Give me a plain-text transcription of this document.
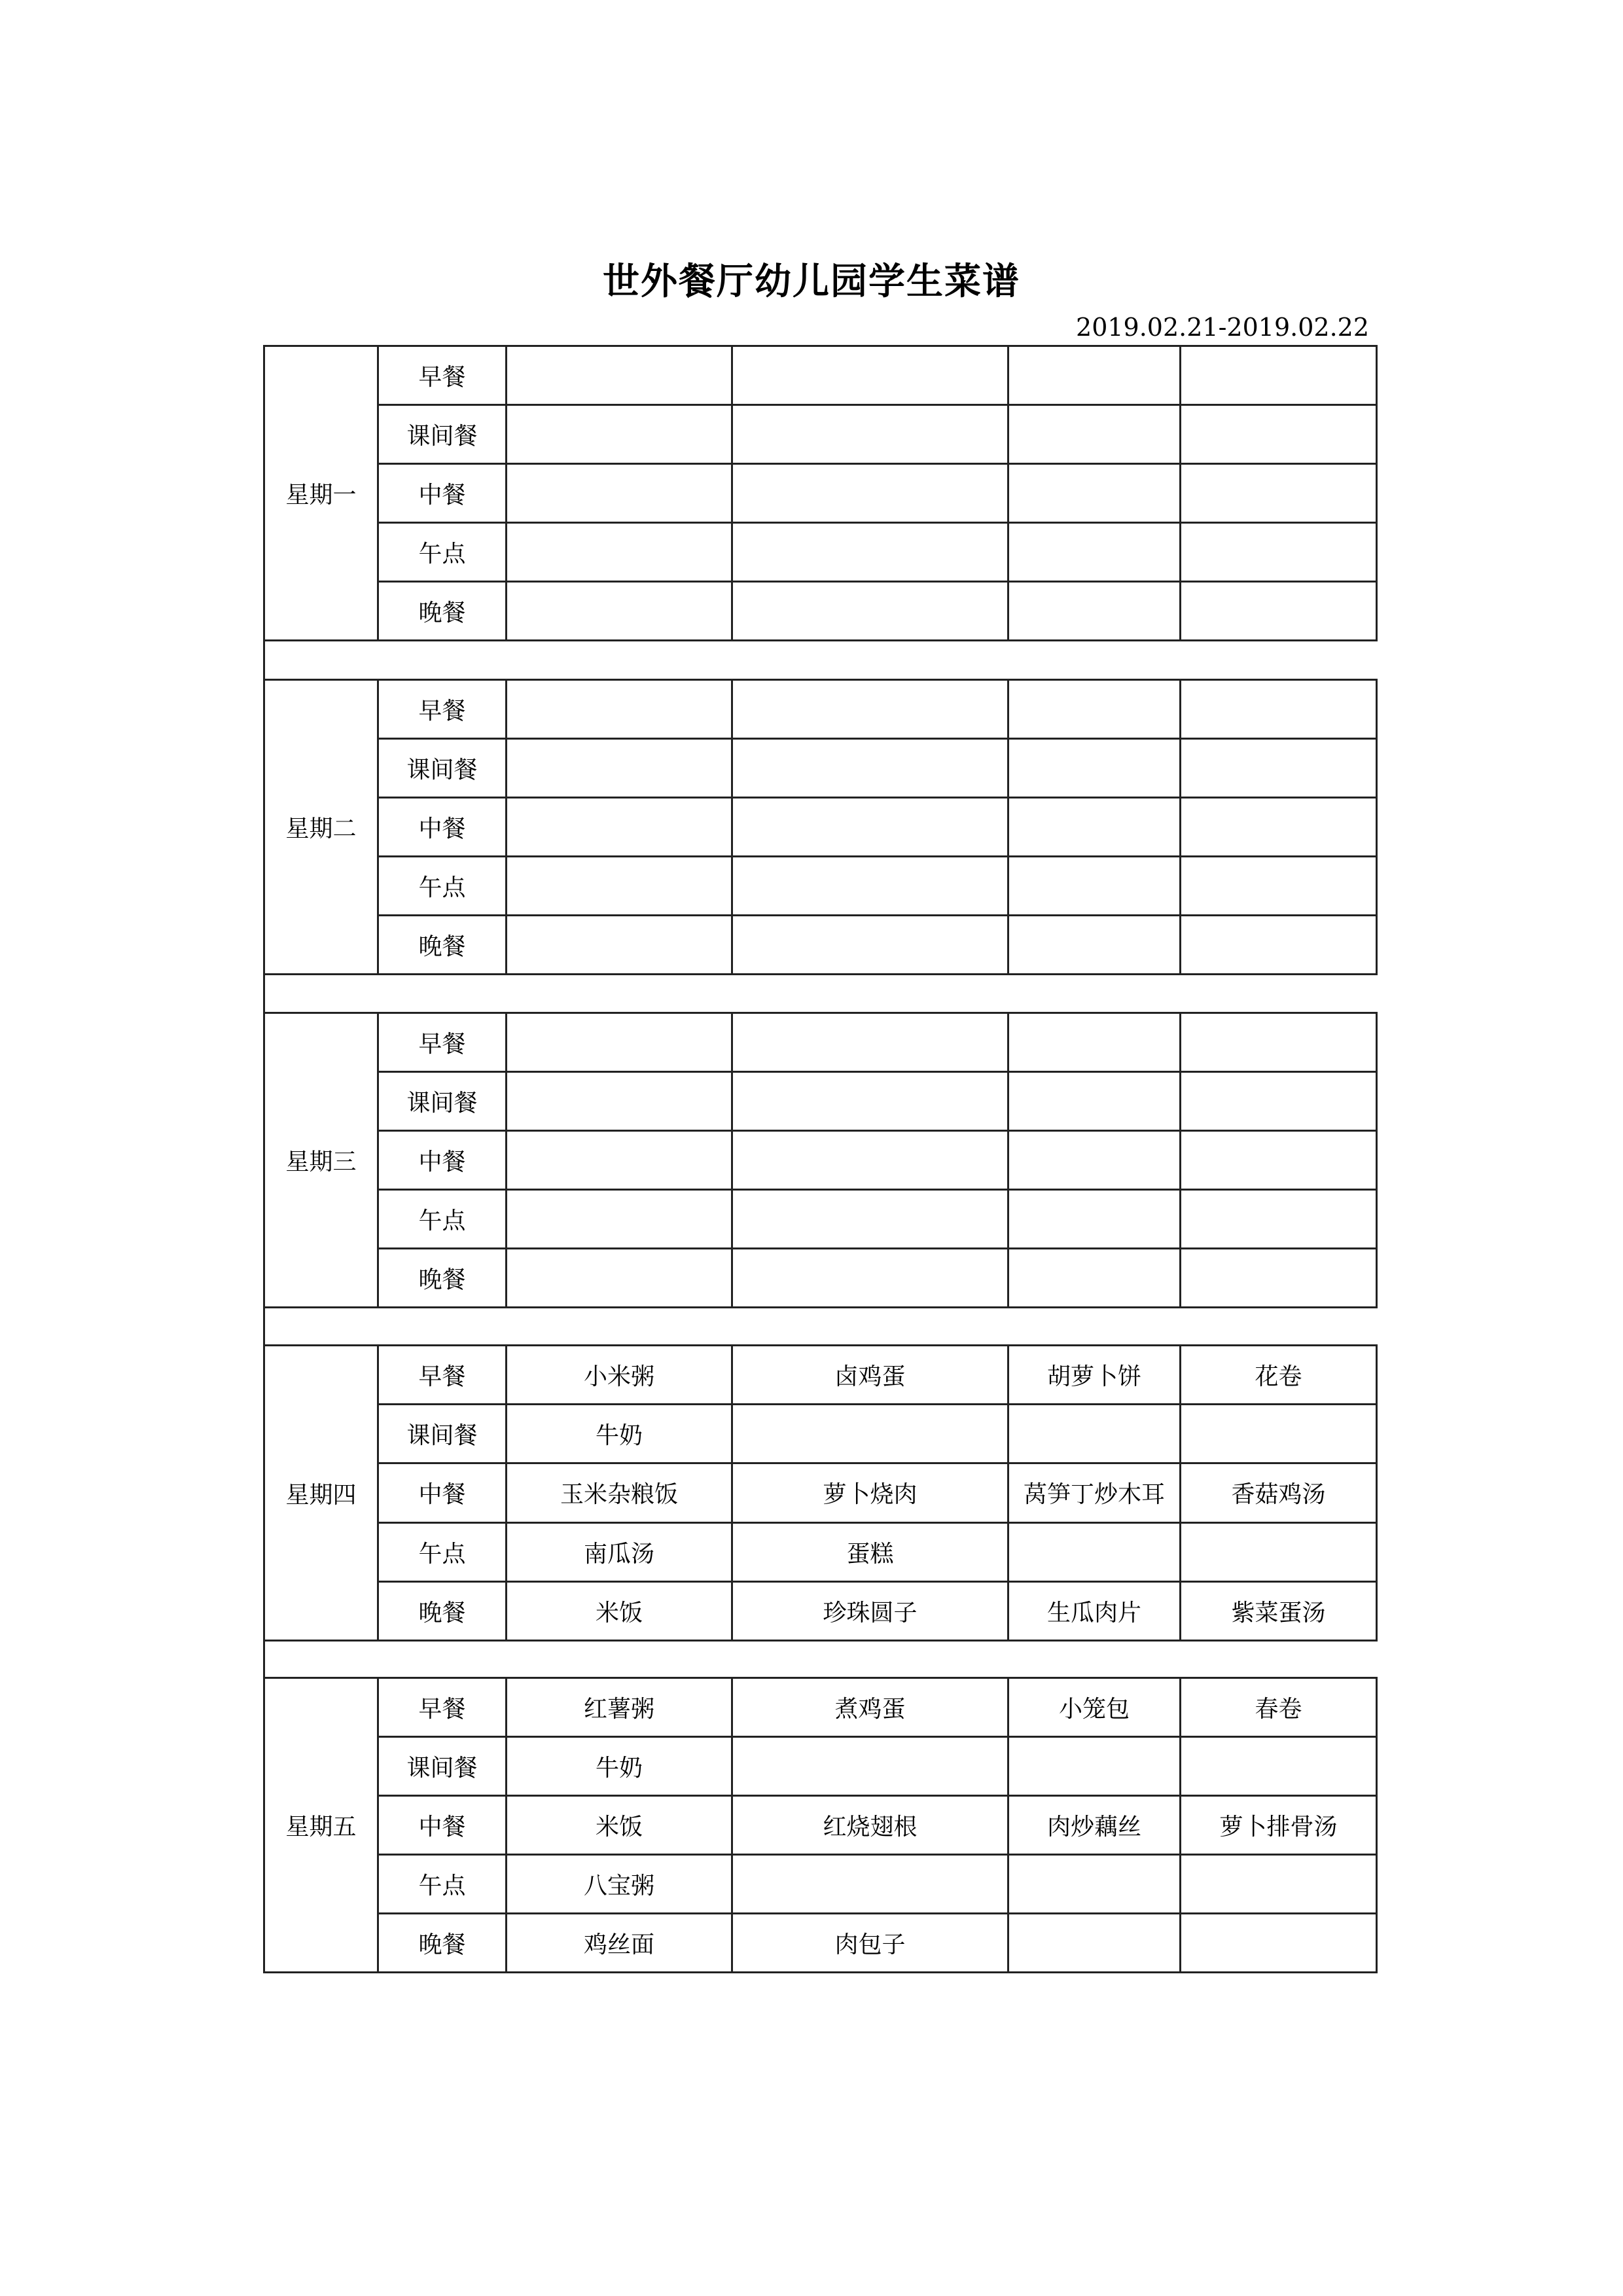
世外餐厅幼儿园学生菜谱
2019.02.21-2019.02.22
星期一	早餐				
	课间餐				
	中餐				
	午点				
	晚餐				
星期二	早餐				
	课间餐				
	中餐				
	午点				
	晚餐				
星期三	早餐				
	课间餐				
	中餐				
	午点				
	晚餐				
星期四	早餐	小米粥	卤鸡蛋	胡萝卜饼	花卷
	课间餐	牛奶			
	中餐	玉米杂粮饭	萝卜烧肉	莴笋丁炒木耳	香菇鸡汤
	午点	南瓜汤	蛋糕		
	晚餐	米饭	珍珠圆子	生瓜肉片	紫菜蛋汤
星期五	早餐	红薯粥	煮鸡蛋	小笼包	春卷
	课间餐	牛奶			
	中餐	米饭	红烧翅根	肉炒藕丝	萝卜排骨汤
	午点	八宝粥			
	晚餐	鸡丝面	肉包子		
